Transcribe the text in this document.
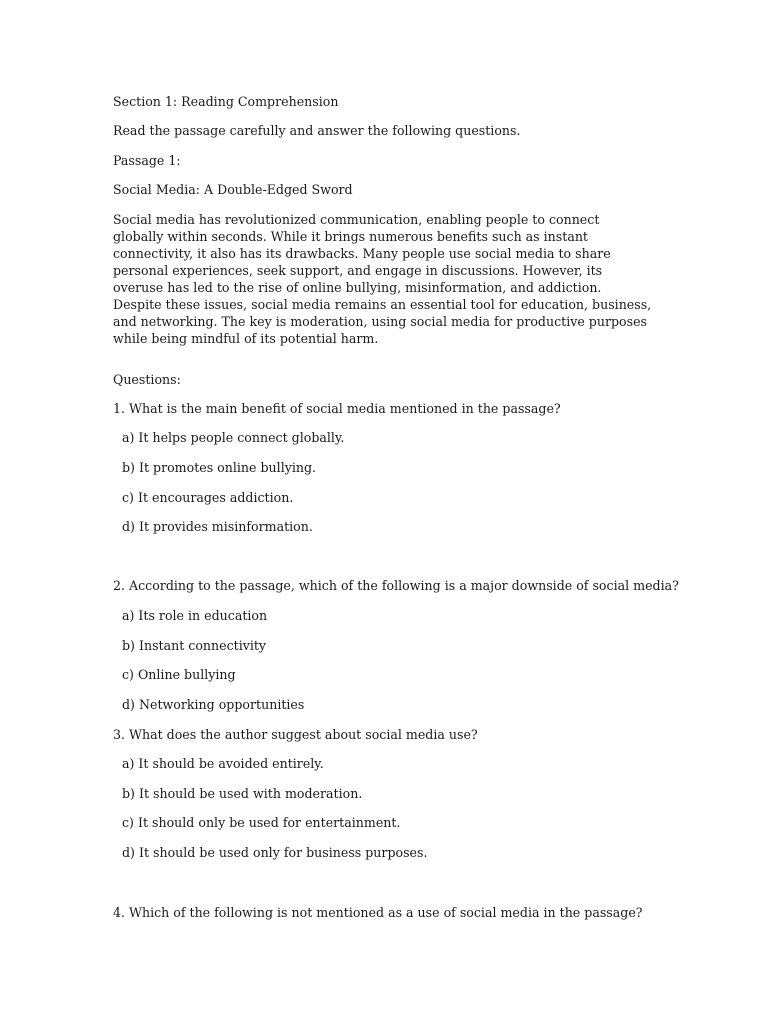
Section 1: Reading Comprehension
Read the passage carefully and answer the following questions.
Passage 1:
Social Media: A Double-Edged Sword
Social media has revolutionized communication, enabling people to connect globally within seconds. While it brings numerous benefits such as instant connectivity, it also has its drawbacks. Many people use social media to share personal experiences, seek support, and engage in discussions. However, its overuse has led to the rise of online bullying, misinformation, and addiction. Despite these issues, social media remains an essential tool for education, business, and networking. The key is moderation, using social media for productive purposes while being mindful of its potential harm.
Questions:
1. What is the main benefit of social media mentioned in the passage?
a) It helps people connect globally.
b) It promotes online bullying.
c) It encourages addiction.
d) It provides misinformation.
2. According to the passage, which of the following is a major downside of social media?
a) Its role in education
b) Instant connectivity
c) Online bullying
d) Networking opportunities
3. What does the author suggest about social media use?
a) It should be avoided entirely.
b) It should be used with moderation.
c) It should only be used for entertainment.
d) It should be used only for business purposes.
4. Which of the following is not mentioned as a use of social media in the passage?
